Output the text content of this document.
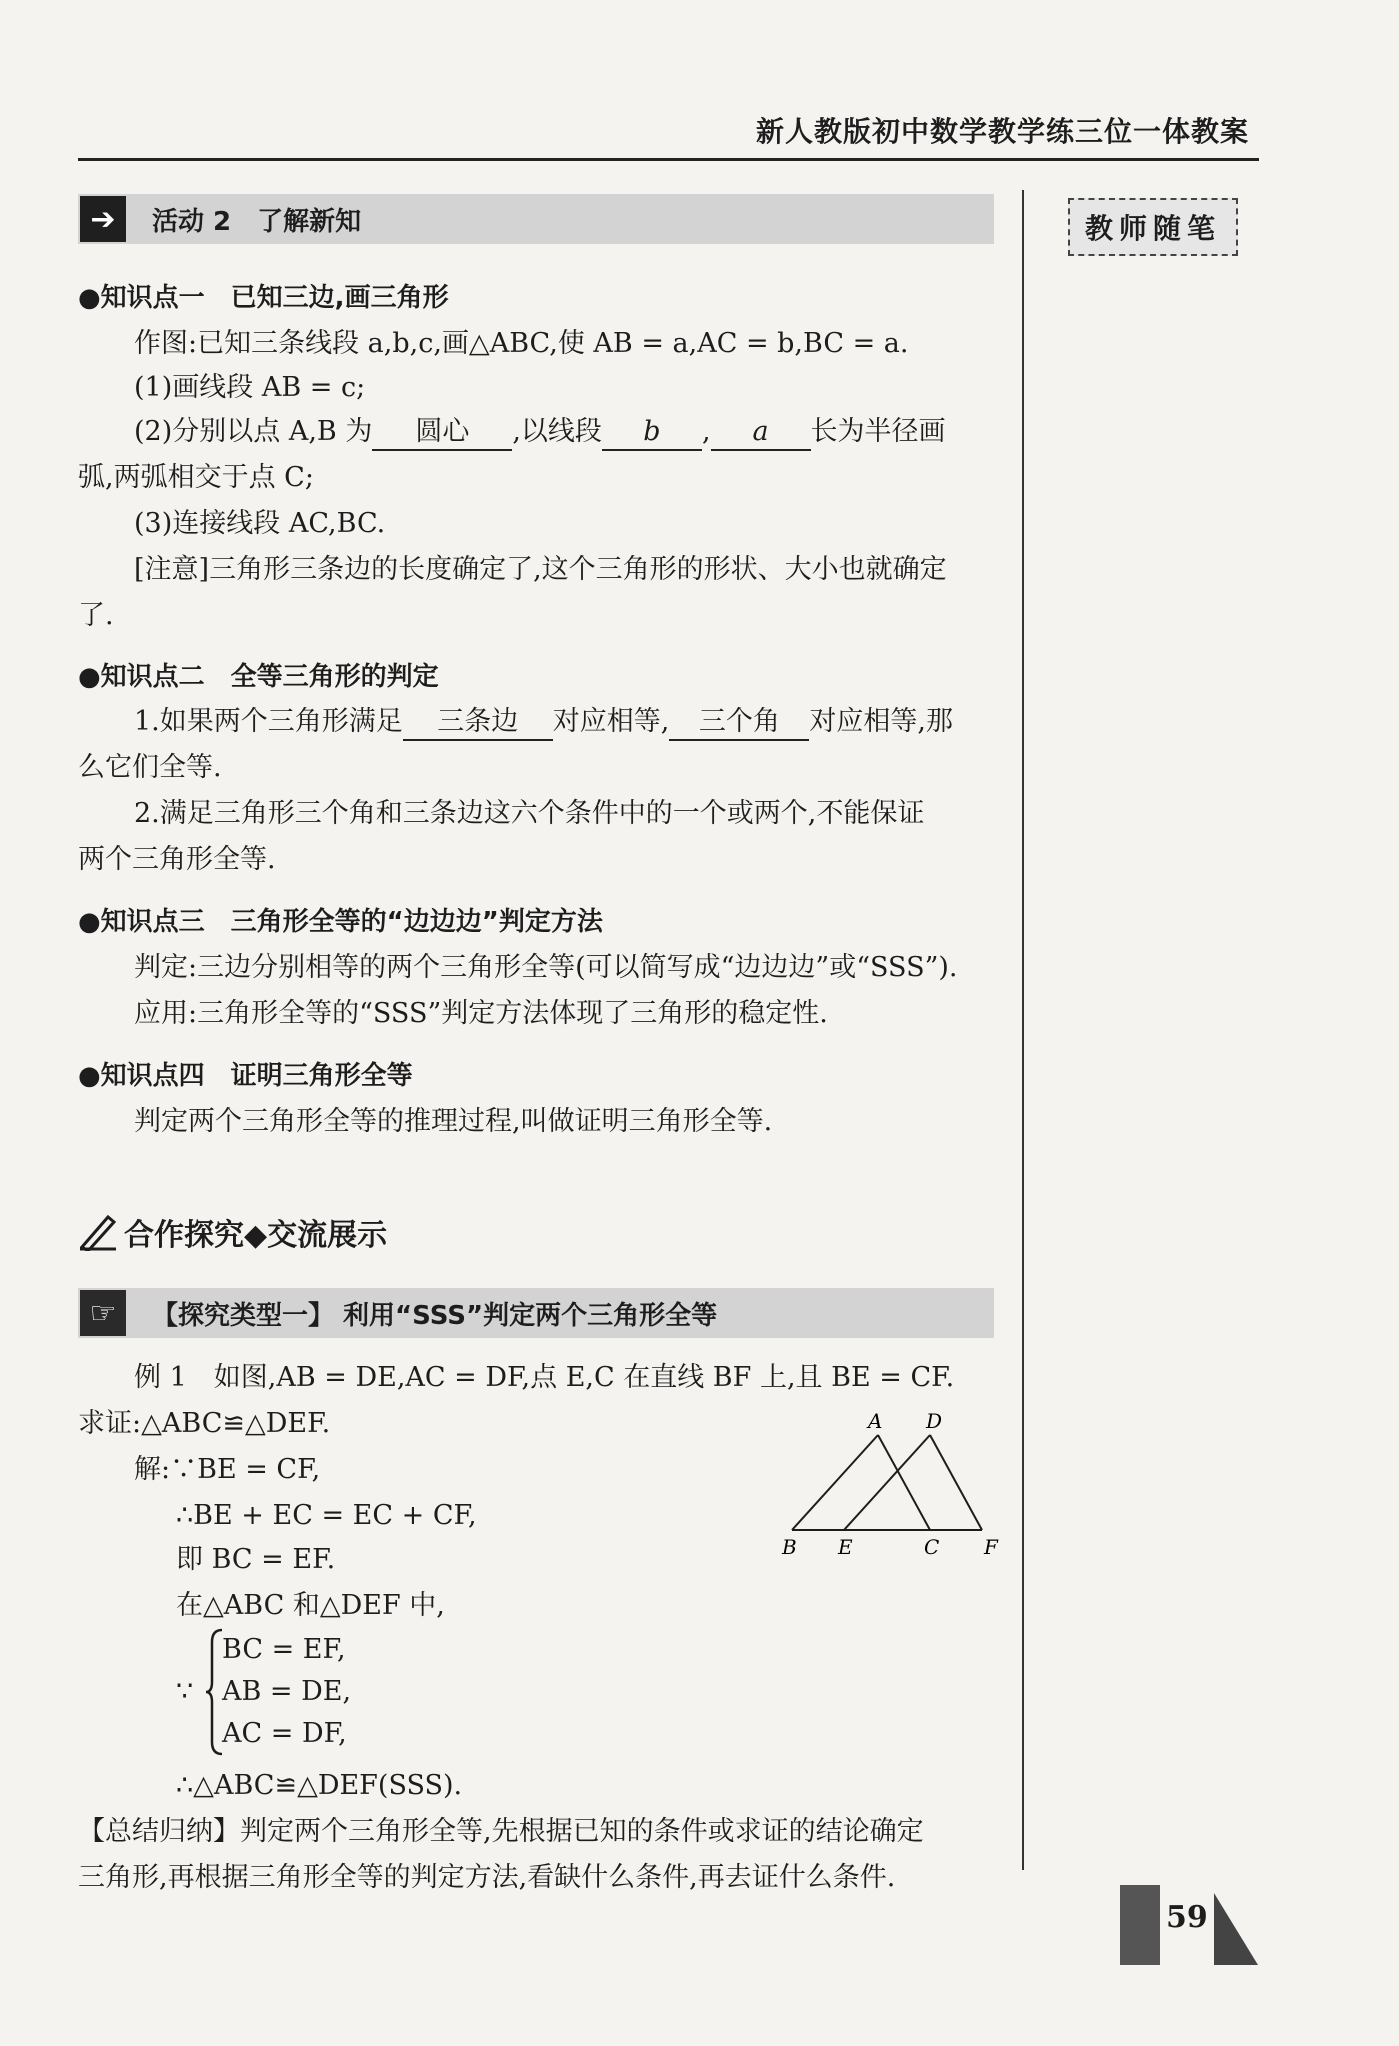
新人教版初中数学教学练三位一体教案
教师随笔
➔	活动 2　了解新知
●知识点一　已知三边,画三角形
作图:已知三条线段 a,b,c,画△ABC,使 AB = a,AC = b,BC = a.
(1)画线段 AB = c;
(2)分别以点 A,B 为 圆心 ,以线段 b , a 长为半径画
弧,两弧相交于点 C;
(3)连接线段 AC,BC.
[注意]三角形三条边的长度确定了,这个三角形的形状、大小也就确定
了.
●知识点二　全等三角形的判定
1.如果两个三角形满足 三条边 对应相等, 三个角 对应相等,那
么它们全等.
2.满足三角形三个角和三条边这六个条件中的一个或两个,不能保证
两个三角形全等.
●知识点三　三角形全等的“边边边”判定方法
判定:三边分别相等的两个三角形全等(可以简写成“边边边”或“SSS”).
应用:三角形全等的“SSS”判定方法体现了三角形的稳定性.
●知识点四　证明三角形全等
判定两个三角形全等的推理过程,叫做证明三角形全等.
合作探究◆交流展示
☞	【探究类型一】 利用“SSS”判定两个三角形全等
例 1　如图,AB = DE,AC = DF,点 E,C 在直线 BF 上,且 BE = CF.
求证:△ABC≌△DEF.
解:∵BE = CF,
∴BE + EC = EC + CF,
即 BC = EF.
在△ABC 和△DEF 中,
∵
BC = EF,
AB = DE,
AC = DF,
∴△ABC≌△DEF(SSS).
【总结归纳】判定两个三角形全等,先根据已知的条件或求证的结论确定
三角形,再根据三角形全等的判定方法,看缺什么条件,再去证什么条件.
A D
B E	C F
59
